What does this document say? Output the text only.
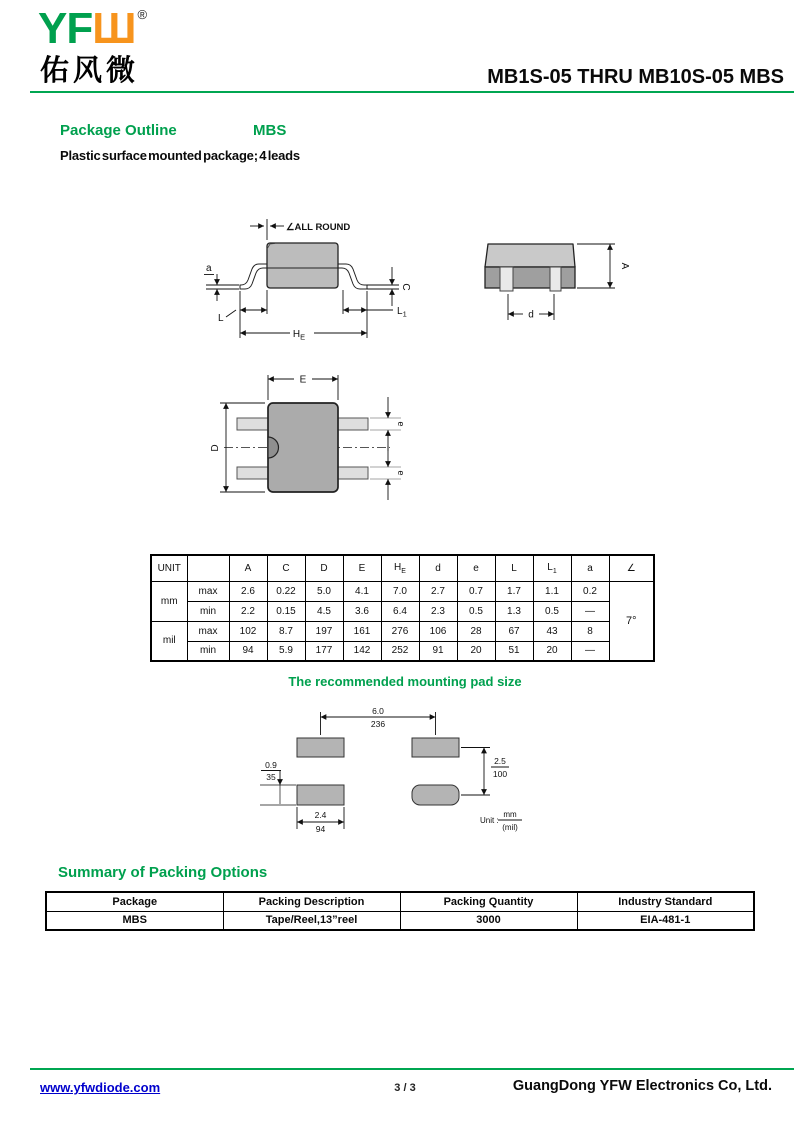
YFШ ®
佑风微	MB1S-05 THRU MB10S-05 MBS
Package Outline	MBS
Plastic surface mounted package; 4 leads
∠ALL ROUND
a
C
L
$L_1$
$H_E$
A
d
E
D
e
e
UNIT		A	C	D	E	$H_E$	d	e	L	$L_1$	a	∠
mm	max	2.6	0.22	5.0	4.1	7.0	2.7	0.7	1.7	1.1	0.2	7°
	min	2.2	0.15	4.5	3.6	6.4	2.3	0.5	1.3	0.5	—	
mil	max	102	8.7	197	161	276	106	28	67	43	8	
	min	94	5.9	177	142	252	91	20	51	20	—	
The recommended mounting pad size
6.0
236
0.9
35
2.4
94
2.5
100
Unit :
mm
(mil)
Summary of Packing Options
Package	Packing Description	Packing Quantity	Industry Standard
MBS	Tape/Reel,13”reel	3000	EIA-481-1
www.yfwdiode.com	3 / 3	GuangDong YFW Electronics Co, Ltd.
